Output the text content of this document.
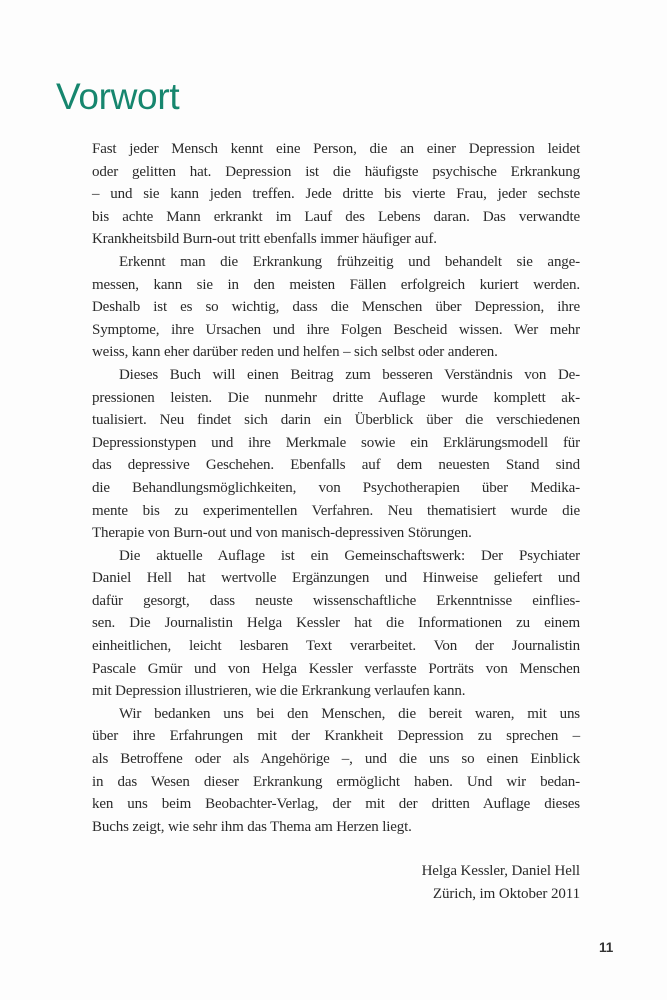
Vorwort
Fast jeder Mensch kennt eine Person, die an einer Depression leidet
oder gelitten hat. Depression ist die häufigste psychische Erkrankung
– und sie kann jeden treffen. Jede dritte bis vierte Frau, jeder sechste
bis achte Mann erkrankt im Lauf des Lebens daran. Das verwandte
Krankheitsbild Burn-out tritt ebenfalls immer häufiger auf.
Erkennt man die Erkrankung frühzeitig und behandelt sie ange-
messen, kann sie in den meisten Fällen erfolgreich kuriert werden.
Deshalb ist es so wichtig, dass die Menschen über Depression, ihre
Symptome, ihre Ursachen und ihre Folgen Bescheid wissen. Wer mehr
weiss, kann eher darüber reden und helfen – sich selbst oder anderen.
Dieses Buch will einen Beitrag zum besseren Verständnis von De-
pressionen leisten. Die nunmehr dritte Auflage wurde komplett ak-
tualisiert. Neu findet sich darin ein Überblick über die verschiedenen
Depressionstypen und ihre Merkmale sowie ein Erklärungsmodell für
das depressive Geschehen. Ebenfalls auf dem neuesten Stand sind
die Behandlungsmöglichkeiten, von Psychotherapien über Medika-
mente bis zu experimentellen Verfahren. Neu thematisiert wurde die
Therapie von Burn-out und von manisch-depressiven Störungen.
Die aktuelle Auflage ist ein Gemeinschaftswerk: Der Psychiater
Daniel Hell hat wertvolle Ergänzungen und Hinweise geliefert und
dafür gesorgt, dass neuste wissenschaftliche Erkenntnisse einflies-
sen. Die Journalistin Helga Kessler hat die Informationen zu einem
einheitlichen, leicht lesbaren Text verarbeitet. Von der Journalistin
Pascale Gmür und von Helga Kessler verfasste Porträts von Menschen
mit Depression illustrieren, wie die Erkrankung verlaufen kann.
Wir bedanken uns bei den Menschen, die bereit waren, mit uns
über ihre Erfahrungen mit der Krankheit Depression zu sprechen –
als Betroffene oder als Angehörige –, und die uns so einen Einblick
in das Wesen dieser Erkrankung ermöglicht haben. Und wir bedan-
ken uns beim Beobachter-Verlag, der mit der dritten Auflage dieses
Buchs zeigt, wie sehr ihm das Thema am Herzen liegt.
Helga Kessler, Daniel Hell
Zürich, im Oktober 2011
11
